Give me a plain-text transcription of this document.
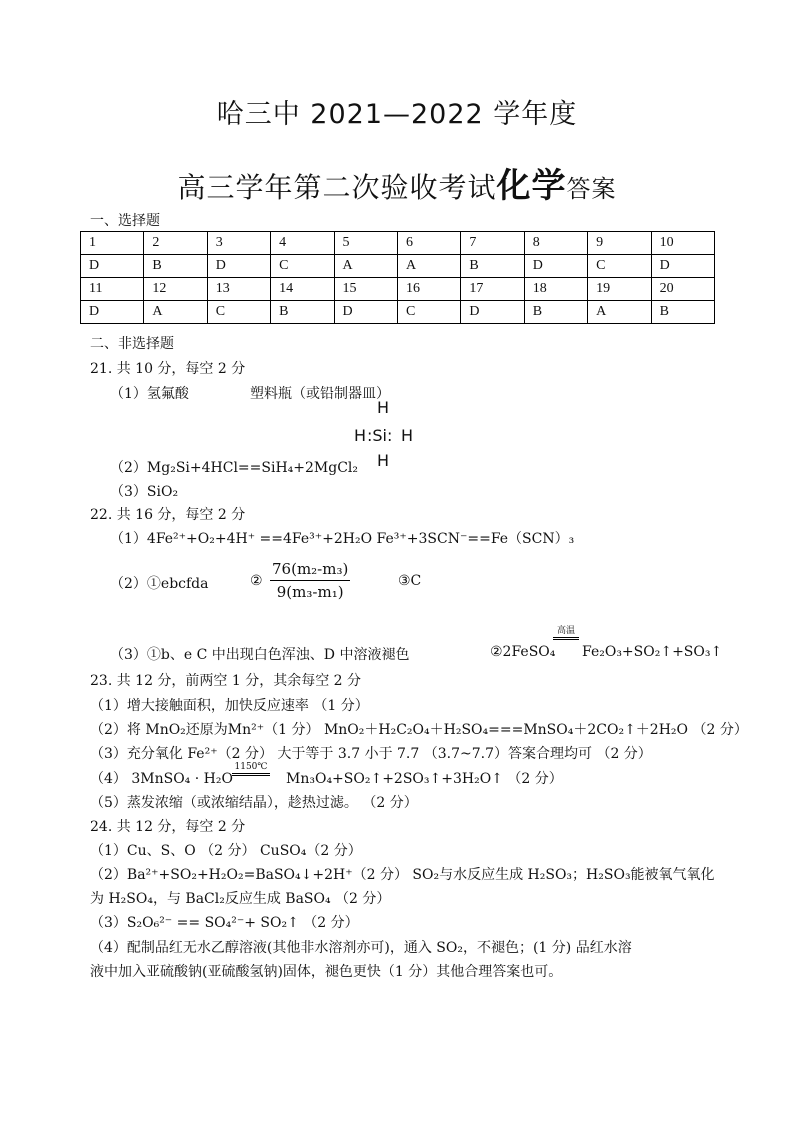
哈三中 2021—2022 学年度
高三学年第二次验收考试化学答案
一、选择题
1	2	3	4	5	6	7	8	9	10
D	B	D	C	A	A	B	D	C	D
11	12	13	14	15	16	17	18	19	20
D	A	C	B	D	C	D	B	A	B
二、非选择题
21. 共 10 分，每空 2 分
（1）氢氟酸	塑料瓶（或铅制器皿）
H
H :Si: H
H
（2）Mg₂Si+4HCl==SiH₄+2MgCl₂
（3）SiO₂
22. 共 16 分，每空 2 分
（1）4Fe²⁺+O₂+4H⁺ ==4Fe³⁺+2H₂O Fe³⁺+3SCN⁻==Fe（SCN）₃
（2）①ebcfda	② $\frac{\text{76(m₂-m₃)}}{\text{9(m₃-m₁)}}$	③C
（3）①b、e C 中出现白色浑浊、D 中溶液褪色
高温
②2FeSO₄ Fe₂O₃+SO₂↑+SO₃↑
23. 共 12 分，前两空 1 分，其余每空 2 分
（1）增大接触面积，加快反应速率 （1 分）
（2）将 MnO₂还原为Mn²⁺（1 分） MnO₂＋H₂C₂O₄＋H₂SO₄===MnSO₄＋2CO₂↑＋2H₂O （2 分）
（3）充分氧化 Fe²⁺（2 分） 大于等于 3.7 小于 7.7 （3.7~7.7）答案合理均可 （2 分）
（4） 3MnSO₄ · H₂O
1150℃
Mn₃O₄+SO₂↑+2SO₃↑+3H₂O↑ （2 分）
（5）蒸发浓缩（或浓缩结晶），趁热过滤。 （2 分）
24. 共 12 分，每空 2 分
（1）Cu、S、O （2 分） CuSO₄（2 分）
（2）Ba²⁺+SO₂+H₂O₂=BaSO₄↓+2H⁺（2 分） SO₂与水反应生成 H₂SO₃；H₂SO₃能被氧气氧化
为 H₂SO₄，与 BaCl₂反应生成 BaSO₄ （2 分）
（3）S₂O₆²⁻ == SO₄²⁻+ SO₂↑ （2 分）
（4）配制品红无水乙醇溶液(其他非水溶剂亦可)，通入 SO₂，不褪色；(1 分) 品红水溶
液中加入亚硫酸钠(亚硫酸氢钠)固体，褪色更快（1 分）其他合理答案也可。
